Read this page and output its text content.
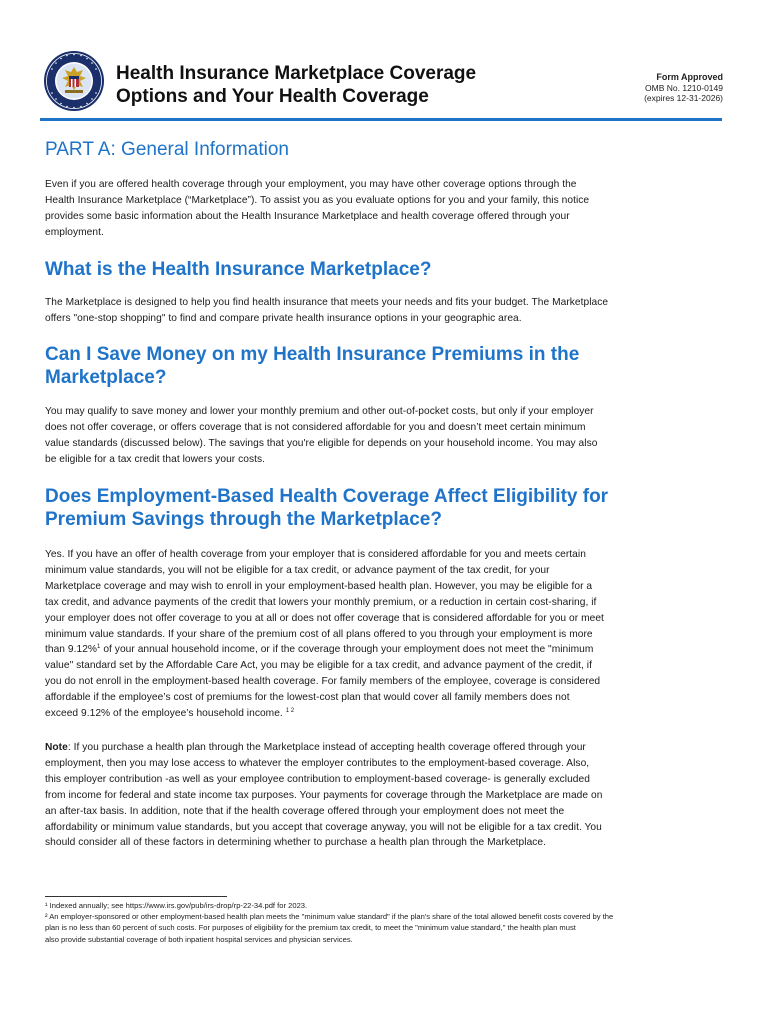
Health Insurance Marketplace Coverage
Options and Your Health Coverage
Form Approved
OMB No. 1210-0149
(expires 12-31-2026)
PART A: General Information

Even if you are offered health coverage through your employment, you may have other coverage options through the
Health Insurance Marketplace (“Marketplace”). To assist you as you evaluate options for you and your family, this notice
provides some basic information about the Health Insurance Marketplace and health coverage offered through your
employment.

What is the Health Insurance Marketplace?

The Marketplace is designed to help you find health insurance that meets your needs and fits your budget. The Marketplace
offers "one-stop shopping" to find and compare private health insurance options in your geographic area.

Can I Save Money on my Health Insurance Premiums in the
Marketplace?

You may qualify to save money and lower your monthly premium and other out-of-pocket costs, but only if your employer
does not offer coverage, or offers coverage that is not considered affordable for you and doesn’t meet certain minimum
value standards (discussed below). The savings that you're eligible for depends on your household income. You may also
be eligible for a tax credit that lowers your costs.

Does Employment-Based Health Coverage Affect Eligibility for
Premium Savings through the Marketplace?

Yes. If you have an offer of health coverage from your employer that is considered affordable for you and meets certain
minimum value standards, you will not be eligible for a tax credit, or advance payment of the tax credit, for your
Marketplace coverage and may wish to enroll in your employment-based health plan. However, you may be eligible for a
tax credit, and advance payments of the credit that lowers your monthly premium, or a reduction in certain cost-sharing, if
your employer does not offer coverage to you at all or does not offer coverage that is considered affordable for you or meet
minimum value standards. If your share of the premium cost of all plans offered to you through your employment is more
than 9.12%$^1$ of your annual household income, or if the coverage through your employment does not meet the "minimum
value" standard set by the Affordable Care Act, you may be eligible for a tax credit, and advance payment of the credit, if
you do not enroll in the employment-based health coverage. For family members of the employee, coverage is considered
affordable if the employee’s cost of premiums for the lowest-cost plan that would cover all family members does not
exceed 9.12% of the employee’s household income. $^{1 2}$

Note: If you purchase a health plan through the Marketplace instead of accepting health coverage offered through your
employment, then you may lose access to whatever the employer contributes to the employment-based coverage. Also,
this employer contribution -as well as your employee contribution to employment-based coverage- is generally excluded
from income for federal and state income tax purposes. Your payments for coverage through the Marketplace are made on
an after-tax basis. In addition, note that if the health coverage offered through your employment does not meet the
affordability or minimum value standards, but you accept that coverage anyway, you will not be eligible for a tax credit. You
should consider all of these factors in determining whether to purchase a health plan through the Marketplace.

¹ Indexed annually; see https://www.irs.gov/pub/irs-drop/rp-22-34.pdf for 2023.
² An employer-sponsored or other employment-based health plan meets the "minimum value standard" if the plan's share of the total allowed benefit costs covered by the
plan is no less than 60 percent of such costs. For purposes of eligibility for the premium tax credit, to meet the "minimum value standard," the health plan must
also provide substantial coverage of both inpatient hospital services and physician services.
